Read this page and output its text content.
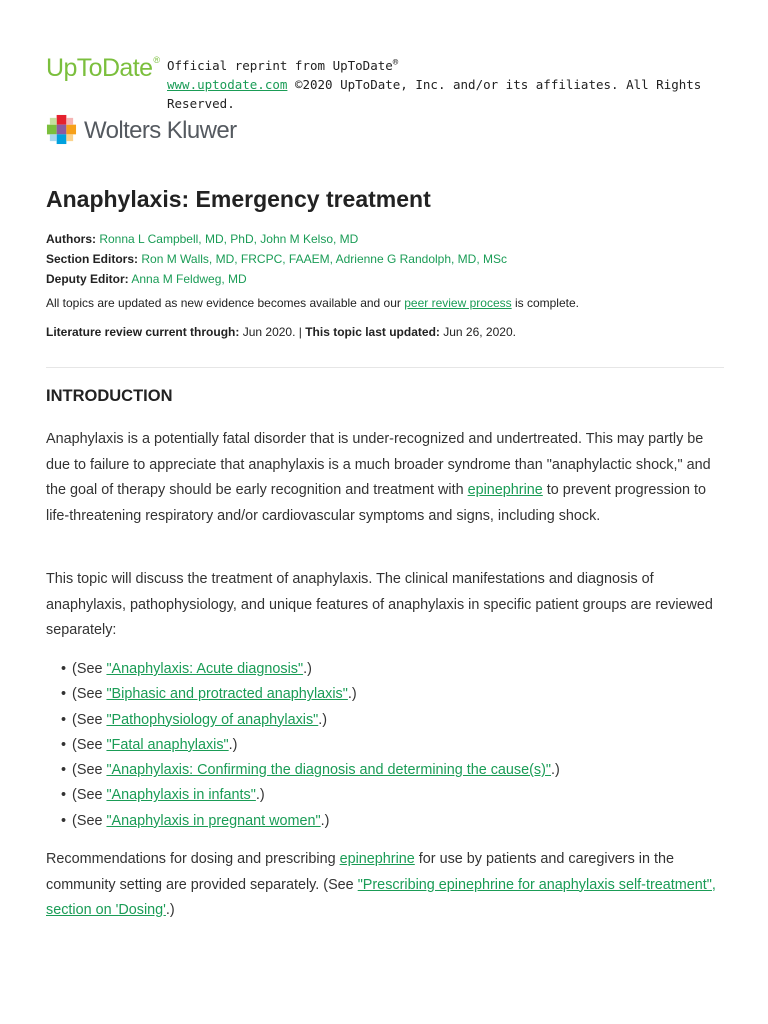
UpToDate® Official reprint from UpToDate®
www.uptodate.com ©2020 UpToDate, Inc. and/or its affiliates. All Rights Reserved.
Wolters Kluwer
Anaphylaxis: Emergency treatment
Authors: Ronna L Campbell, MD, PhD, John M Kelso, MD
Section Editors: Ron M Walls, MD, FRCPC, FAAEM, Adrienne G Randolph, MD, MSc
Deputy Editor: Anna M Feldweg, MD
All topics are updated as new evidence becomes available and our peer review process is complete.
Literature review current through: Jun 2020. | This topic last updated: Jun 26, 2020.
INTRODUCTION

Anaphylaxis is a potentially fatal disorder that is under-recognized and undertreated. This may partly be due to failure to appreciate that anaphylaxis is a much broader syndrome than "anaphylactic shock," and the goal of therapy should be early recognition and treatment with epinephrine to prevent progression to life-threatening respiratory and/or cardiovascular symptoms and signs, including shock.

This topic will discuss the treatment of anaphylaxis. The clinical manifestations and diagnosis of anaphylaxis, pathophysiology, and unique features of anaphylaxis in specific patient groups are reviewed separately:

• (See "Anaphylaxis: Acute diagnosis".)
• (See "Biphasic and protracted anaphylaxis".)
• (See "Pathophysiology of anaphylaxis".)
• (See "Fatal anaphylaxis".)
• (See "Anaphylaxis: Confirming the diagnosis and determining the cause(s)".)
• (See "Anaphylaxis in infants".)
• (See "Anaphylaxis in pregnant women".)

Recommendations for dosing and prescribing epinephrine for use by patients and caregivers in the community setting are provided separately. (See "Prescribing epinephrine for anaphylaxis self-treatment", section on 'Dosing'.)
